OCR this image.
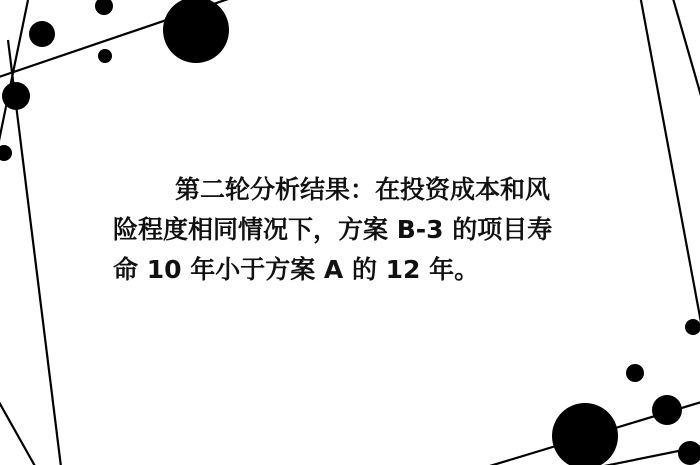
第二轮分析结果：在投资成本和风
险程度相同情况下，方案 B-3 的项目寿
命 10 年小于方案 A 的 12 年。
